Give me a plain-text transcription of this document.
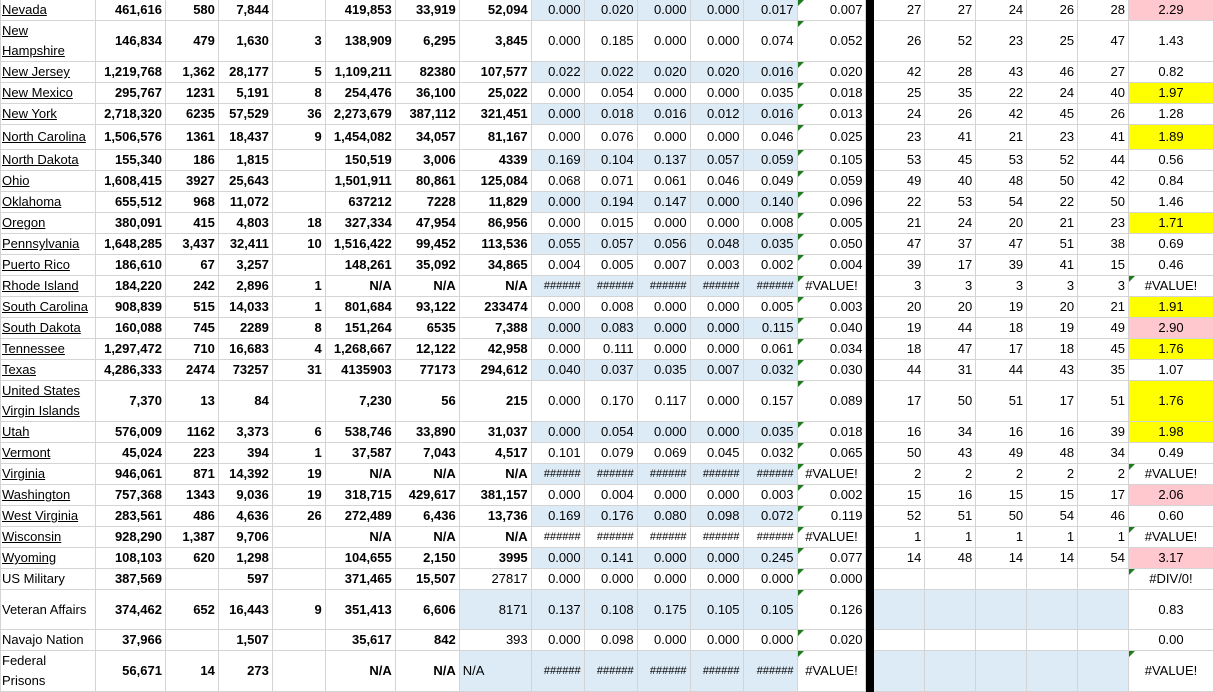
Nevada	461,616	580	7,844		419,853	33,919	52,094	0.000	0.020	0.000	0.000	0.017	0.007		27	27	24	26	28	2.29
New Hampshire	146,834	479	1,630	3	138,909	6,295	3,845	0.000	0.185	0.000	0.000	0.074	0.052		26	52	23	25	47	1.43
New Jersey	1,219,768	1,362	28,177	5	1,109,211	82380	107,577	0.022	0.022	0.020	0.020	0.016	0.020		42	28	43	46	27	0.82
New Mexico	295,767	1231	5,191	8	254,476	36,100	25,022	0.000	0.054	0.000	0.000	0.035	0.018		25	35	22	24	40	1.97
New York	2,718,320	6235	57,529	36	2,273,679	387,112	321,451	0.000	0.018	0.016	0.012	0.016	0.013		24	26	42	45	26	1.28
North Carolina	1,506,576	1361	18,437	9	1,454,082	34,057	81,167	0.000	0.076	0.000	0.000	0.046	0.025		23	41	21	23	41	1.89
North Dakota	155,340	186	1,815		150,519	3,006	4339	0.169	0.104	0.137	0.057	0.059	0.105		53	45	53	52	44	0.56
Ohio	1,608,415	3927	25,643		1,501,911	80,861	125,084	0.068	0.071	0.061	0.046	0.049	0.059		49	40	48	50	42	0.84
Oklahoma	655,512	968	11,072		637212	7228	11,829	0.000	0.194	0.147	0.000	0.140	0.096		22	53	54	22	50	1.46
Oregon	380,091	415	4,803	18	327,334	47,954	86,956	0.000	0.015	0.000	0.000	0.008	0.005		21	24	20	21	23	1.71
Pennsylvania	1,648,285	3,437	32,411	10	1,516,422	99,452	113,536	0.055	0.057	0.056	0.048	0.035	0.050		47	37	47	51	38	0.69
Puerto Rico	186,610	67	3,257		148,261	35,092	34,865	0.004	0.005	0.007	0.003	0.002	0.004		39	17	39	41	15	0.46
Rhode Island	184,220	242	2,896	1	N/A	N/A	N/A	######	######	######	######	######	#VALUE!		3	3	3	3	3	#VALUE!
South Carolina	908,839	515	14,033	1	801,684	93,122	233474	0.000	0.008	0.000	0.000	0.005	0.003		20	20	19	20	21	1.91
South Dakota	160,088	745	2289	8	151,264	6535	7,388	0.000	0.083	0.000	0.000	0.115	0.040		19	44	18	19	49	2.90
Tennessee	1,297,472	710	16,683	4	1,268,667	12,122	42,958	0.000	0.111	0.000	0.000	0.061	0.034		18	47	17	18	45	1.76
Texas	4,286,333	2474	73257	31	4135903	77173	294,612	0.040	0.037	0.035	0.007	0.032	0.030		44	31	44	43	35	1.07
United States Virgin Islands	7,370	13	84		7,230	56	215	0.000	0.170	0.117	0.000	0.157	0.089		17	50	51	17	51	1.76
Utah	576,009	1162	3,373	6	538,746	33,890	31,037	0.000	0.054	0.000	0.000	0.035	0.018		16	34	16	16	39	1.98
Vermont	45,024	223	394	1	37,587	7,043	4,517	0.101	0.079	0.069	0.045	0.032	0.065		50	43	49	48	34	0.49
Virginia	946,061	871	14,392	19	N/A	N/A	N/A	######	######	######	######	######	#VALUE!		2	2	2	2	2	#VALUE!
Washington	757,368	1343	9,036	19	318,715	429,617	381,157	0.000	0.004	0.000	0.000	0.003	0.002		15	16	15	15	17	2.06
West Virginia	283,561	486	4,636	26	272,489	6,436	13,736	0.169	0.176	0.080	0.098	0.072	0.119		52	51	50	54	46	0.60
Wisconsin	928,290	1,387	9,706		N/A	N/A	N/A	######	######	######	######	######	#VALUE!		1	1	1	1	1	#VALUE!
Wyoming	108,103	620	1,298		104,655	2,150	3995	0.000	0.141	0.000	0.000	0.245	0.077		14	48	14	14	54	3.17
US Military	387,569		597		371,465	15,507	27817	0.000	0.000	0.000	0.000	0.000	0.000							#DIV/0!
Veteran Affairs	374,462	652	16,443	9	351,413	6,606	8171	0.137	0.108	0.175	0.105	0.105	0.126							0.83
Navajo Nation	37,966		1,507		35,617	842	393	0.000	0.098	0.000	0.000	0.000	0.020							0.00
Federal Prisons	56,671	14	273		N/A	N/A	N/A	######	######	######	######	######	#VALUE!							#VALUE!
